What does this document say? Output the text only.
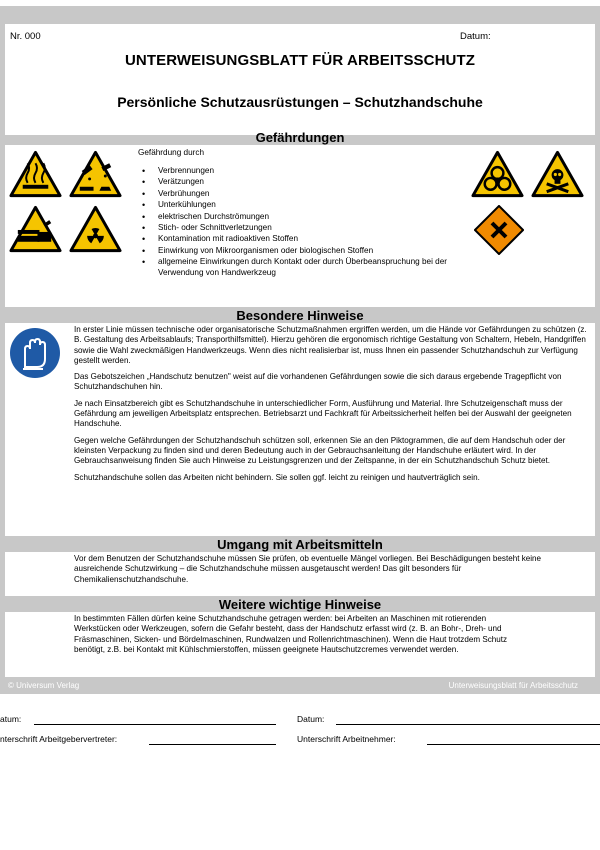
Nr. 000	Datum:
UNTERWEISUNGSBLATT FÜR ARBEITSSCHUTZ
Persönliche Schutzausrüstungen – Schutzhandschuhe
Gefährdungen
Gefährdung durch
• Verbrennungen
• Verätzungen
• Verbrühungen
• Unterkühlungen
• elektrischen Durchströmungen
• Stich- oder Schnittverletzungen
• Kontamination mit radioaktiven Stoffen
• Einwirkung von Mikroorganismen oder biologischen Stoffen
• allgemeine Einwirkungen durch Kontakt oder durch Überbeanspruchung bei der Verwendung von Handwerkzeug
Besondere Hinweise

In erster Linie müssen technische oder organisatorische Schutzmaßnahmen ergriffen werden, um die Hände vor Gefährdungen zu schützen (z. B. Gestaltung des Arbeitsablaufs; Transporthilfsmittel). Hierzu gehören die ergonomisch richtige Gestaltung von Schaltern, Hebeln, Handgriffen sowie die Wahl zweckmäßigen Handwerkzeugs. Wenn dies nicht realisierbar ist, muss Ihnen ein passender Schutzhandschuh zur Verfügung gestellt werden.

Das Gebotszeichen „Handschutz benutzen" weist auf die vorhandenen Gefährdungen sowie die sich daraus ergebende Tragepflicht von Schutzhandschuhen hin.

Je nach Einsatzbereich gibt es Schutzhandschuhe in unterschiedlicher Form, Ausführung und Material. Ihre Schutzeigenschaft muss der Gefährdung am jeweiligen Arbeitsplatz entsprechen. Betriebsarzt und Fachkraft für Arbeitssicherheit helfen bei der Auswahl der geeigneten Handschuhe.

Gegen welche Gefährdungen der Schutzhandschuh schützen soll, erkennen Sie an den Piktogrammen, die auf dem Handschuh oder der kleinsten Verpackung zu finden sind und deren Bedeutung auch in der Gebrauchsanleitung der Handschuhe erläutert wird. In der Gebrauchsanweisung finden Sie auch Hinweise zu Leistungsgrenzen und der Zeitspanne, in der ein Schutzhandschuh Schutz bietet.

Schutzhandschuhe sollen das Arbeiten nicht behindern. Sie sollen ggf. leicht zu reinigen und hautverträglich sein.

Umgang mit Arbeitsmitteln
Vor dem Benutzen der Schutzhandschuhe müssen Sie prüfen, ob eventuelle Mängel vorliegen. Bei Beschädigungen besteht keine ausreichende Schutzwirkung – die Schutzhandschuhe müssen ausgetauscht werden! Das gilt besonders für Chemikalienschutzhandschuhe.
Weitere wichtige Hinweise
In bestimmten Fällen dürfen keine Schutzhandschuhe getragen werden: bei Arbeiten an Maschinen mit rotierenden Werkstücken oder Werkzeugen, sofern die Gefahr besteht, dass der Handschutz erfasst wird (z. B. an Bohr-, Dreh- und Fräsmaschinen, Sicken- und Bördelmaschinen, Rundwalzen und Rollenrichtmaschinen). Wenn die Haut trotzdem Schutz benötigt, z.B. bei Kontakt mit Kühlschmierstoffen, müssen geeignete Hautschutzcremes verwendet werden.
© Universum Verlag	Unterweisungsblatt für Arbeitsschutz
atum:	Datum:
nterschrift Arbeitgebervertreter:	Unterschrift Arbeitnehmer:
